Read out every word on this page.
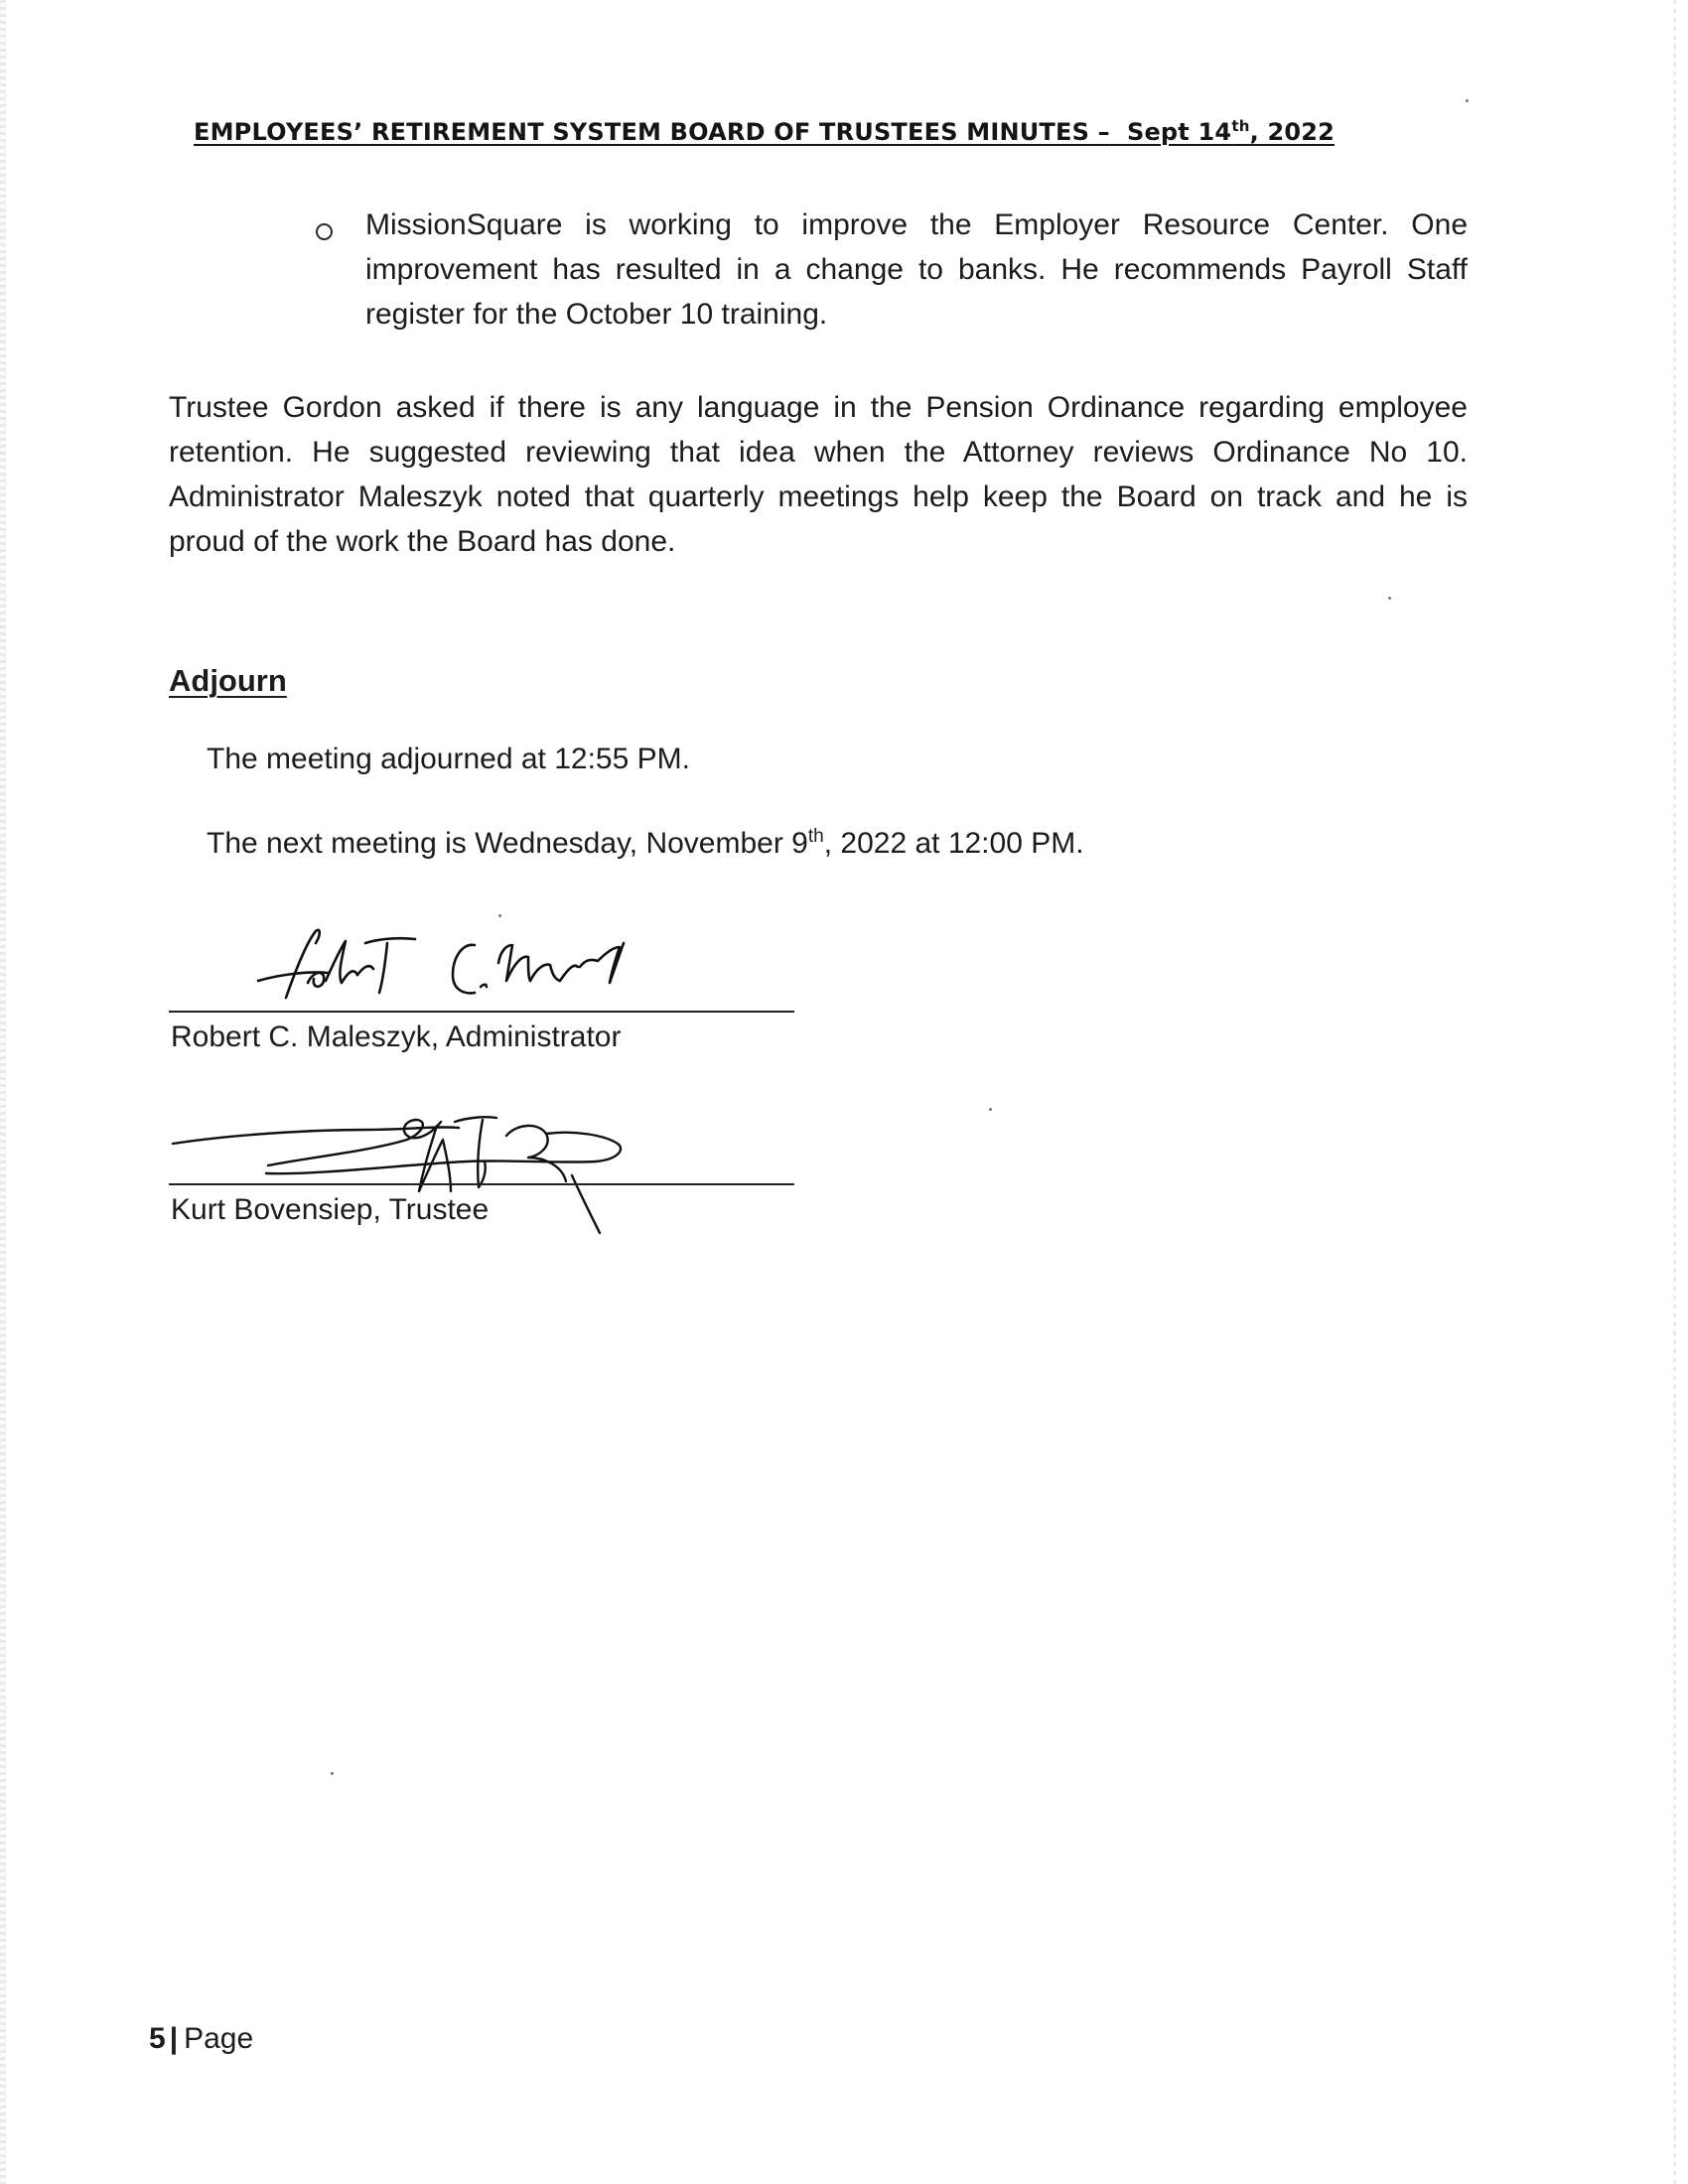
EMPLOYEES’ RETIREMENT SYSTEM BOARD OF TRUSTEES MINUTES – Sept 14th, 2022
MissionSquare is working to improve the Employer Resource Center. One improvement has resulted in a change to banks. He recommends Payroll Staff register for the October 10 training.
Trustee Gordon asked if there is any language in the Pension Ordinance regarding employee retention. He suggested reviewing that idea when the Attorney reviews Ordinance No 10. Administrator Maleszyk noted that quarterly meetings help keep the Board on track and he is proud of the work the Board has done.
Adjourn
The meeting adjourned at 12:55 PM.
The next meeting is Wednesday, November 9th, 2022 at 12:00 PM.
Robert C. Maleszyk, Administrator
Kurt Bovensiep, Trustee
5 | Page
